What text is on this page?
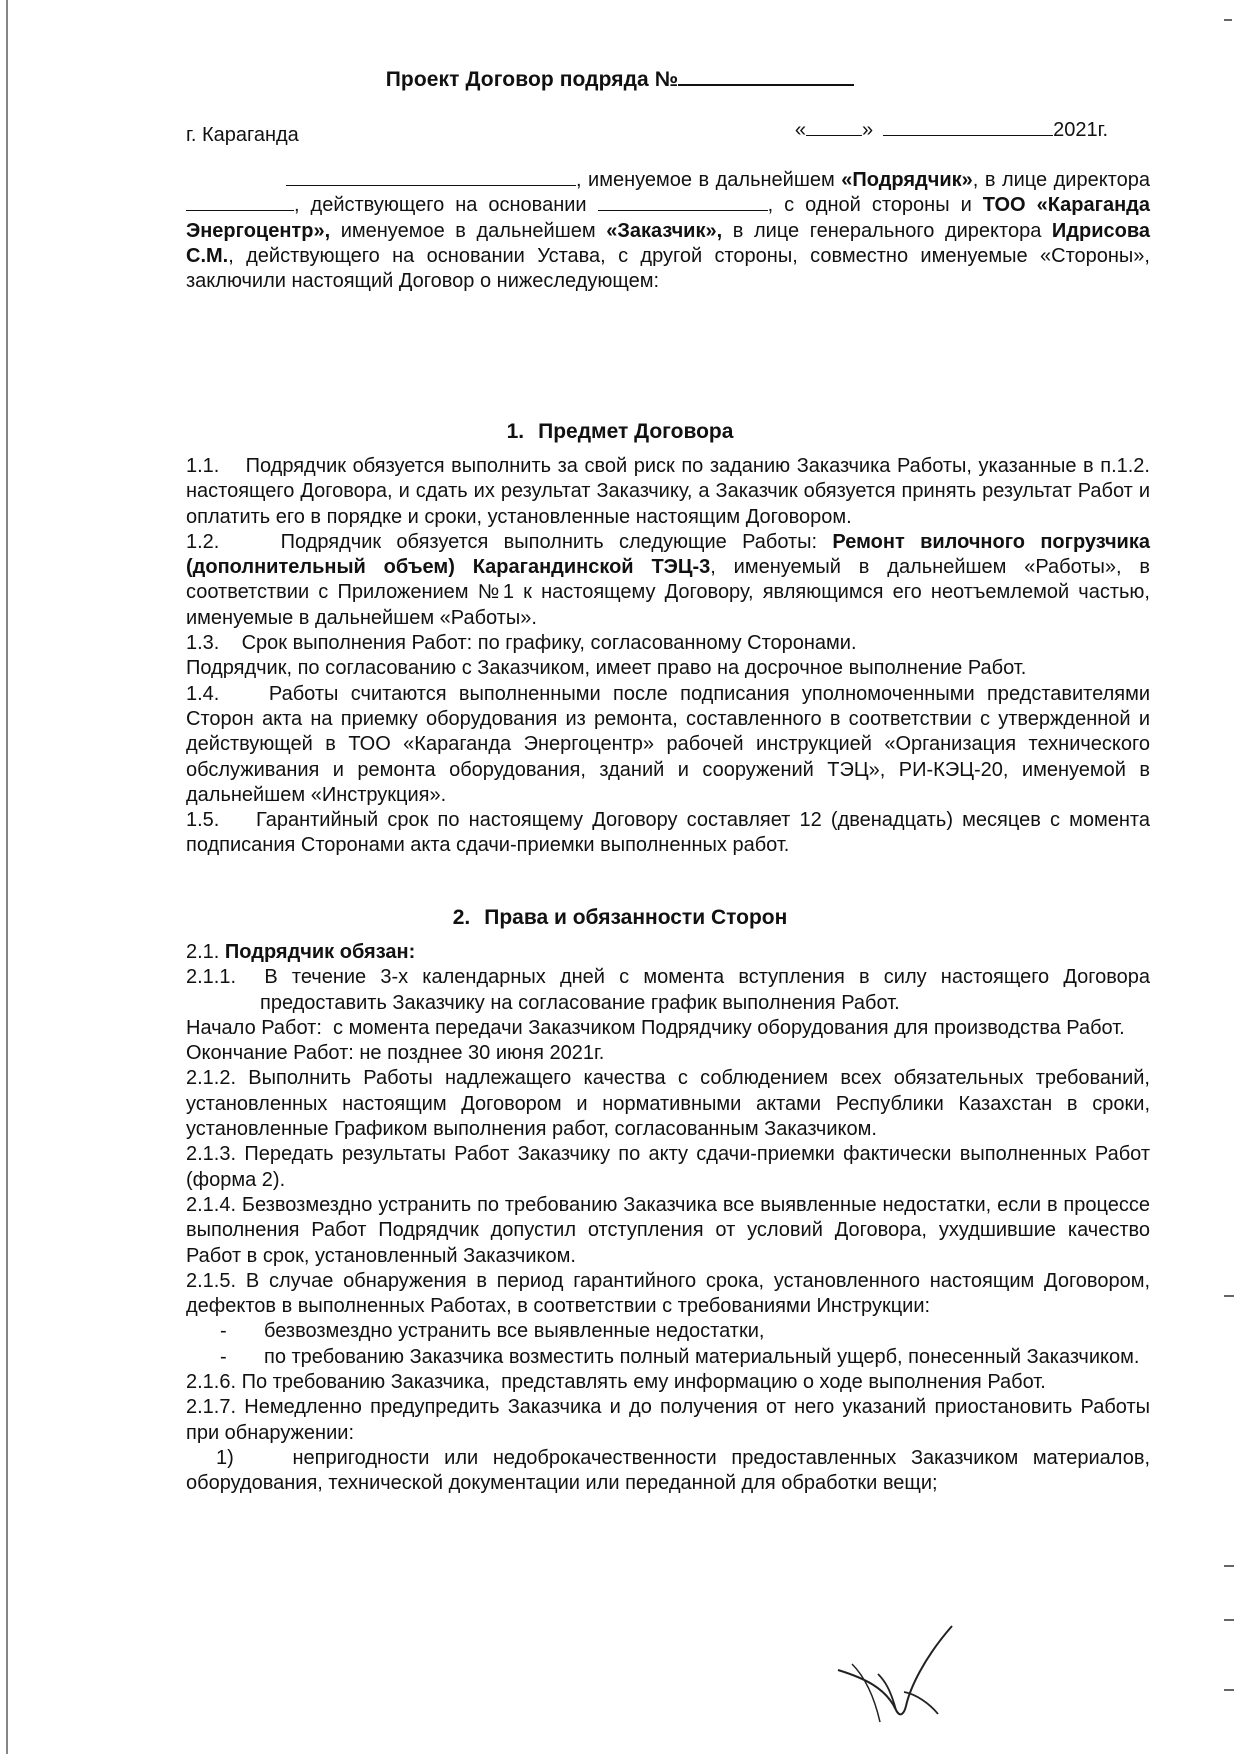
Проект Договор подряда №
г. Караганда	«	»	2021г.
, именуемое в дальнейшем «Подрядчик», в лице директора , действующего на основании	, с одной стороны и ТОО «Караганда Энергоцентр», именуемое в дальнейшем «Заказчик», в лице генерального директора Идрисова С.М., действующего на основании Устава, с другой стороны, совместно именуемые «Стороны», заключили настоящий Договор о нижеследующем:
1. Предмет Договора

1.1.    Подрядчик обязуется выполнить за свой риск по заданию Заказчика Работы, указанные в п.1.2. настоящего Договора, и сдать их результат Заказчику, а Заказчик обязуется принять результат Работ и оплатить его в порядке и сроки, установленные настоящим Договором.

1.2.    Подрядчик обязуется выполнить следующие Работы: Ремонт вилочного погрузчика (дополнительный объем) Карагандинской ТЭЦ-3, именуемый в дальнейшем «Работы», в соответствии с Приложением №1 к настоящему Договору, являющимся его неотъемлемой частью, именуемые в дальнейшем «Работы».

1.3.    Срок выполнения Работ: по графику, согласованному Сторонами.

Подрядчик, по согласованию с Заказчиком, имеет право на досрочное выполнение Работ.

1.4.    Работы считаются выполненными после подписания уполномоченными представителями Сторон акта на приемку оборудования из ремонта, составленного в соответствии с утвержденной и действующей в ТОО «Караганда Энергоцентр» рабочей инструкцией «Организация технического обслуживания и ремонта оборудования, зданий и сооружений ТЭЦ», РИ-КЭЦ-20, именуемой в дальнейшем «Инструкция».

1.5.    Гарантийный срок по настоящему Договору составляет 12 (двенадцать) месяцев с момента подписания Сторонами акта сдачи-приемки выполненных работ.

2. Права и обязанности Сторон

2.1. Подрядчик обязан:

2.1.1.  В течение 3-х календарных дней с момента вступления в силу настоящего Договора предоставить Заказчику на согласование график выполнения Работ.

Начало Работ:  с момента передачи Заказчиком Подрядчику оборудования для производства Работ.

Окончание Работ: не позднее 30 июня 2021г.

2.1.2. Выполнить Работы надлежащего качества с соблюдением всех обязательных требований, установленных настоящим Договором и нормативными актами Республики Казахстан в сроки, установленные Графиком выполнения работ, согласованным Заказчиком.

2.1.3. Передать результаты Работ Заказчику по акту сдачи-приемки фактически выполненных Работ (форма 2).

2.1.4. Безвозмездно устранить по требованию Заказчика все выявленные недостатки, если в процессе выполнения Работ Подрядчик допустил отступления от условий Договора, ухудшившие качество Работ в срок, установленный Заказчиком.

2.1.5. В случае обнаружения в период гарантийного срока, установленного настоящим Договором, дефектов в выполненных Работах, в соответствии с требованиями Инструкции:

-	безвозмездно устранить все выявленные недостатки,
-	по требованию Заказчика возместить полный материальный ущерб, понесенный Заказчиком.

2.1.6. По требованию Заказчика,  представлять ему информацию о ходе выполнения Работ.

2.1.7. Немедленно предупредить Заказчика и до получения от него указаний приостановить Работы при обнаружении:

1)    непригодности или недоброкачественности предоставленных Заказчиком материалов, оборудования, технической документации или переданной для обработки вещи;
